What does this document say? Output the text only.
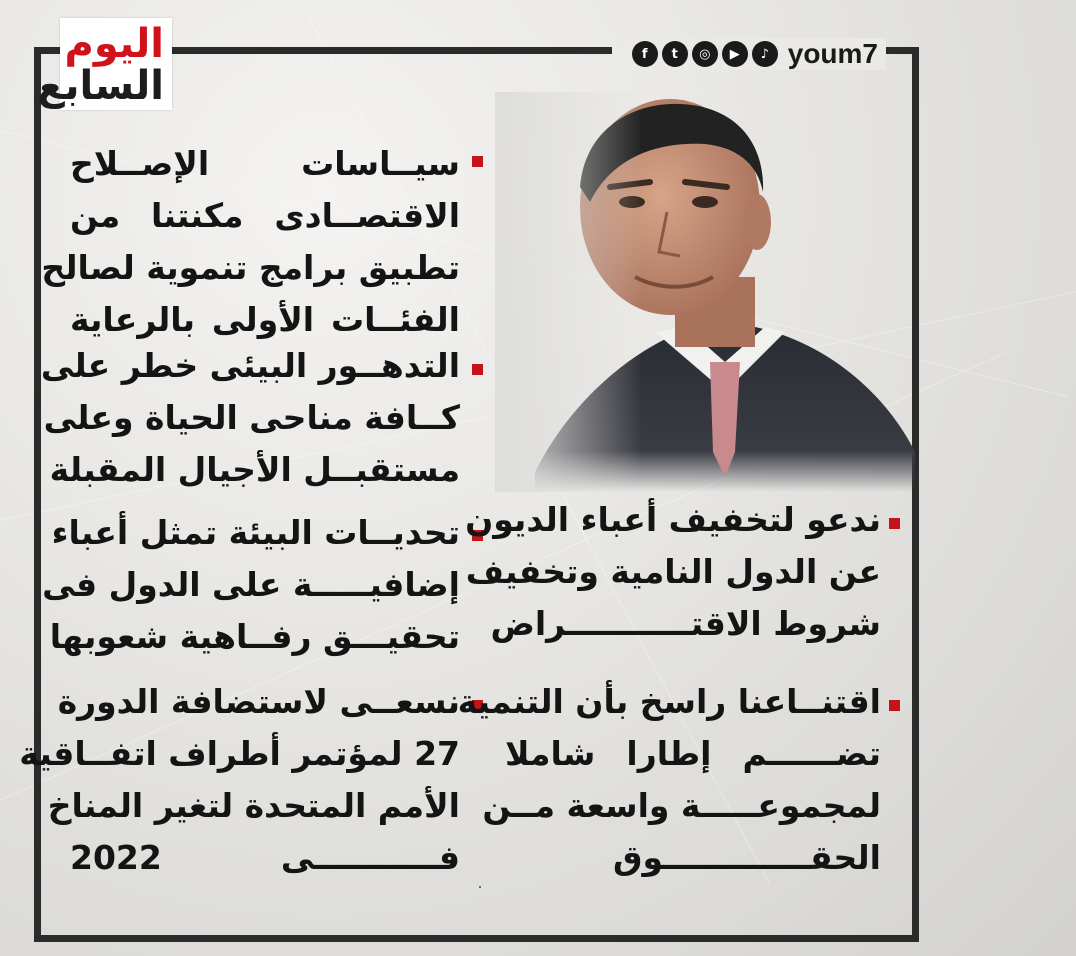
اليوم
السابع
f	t	◎	▶	♪ youm7
سيــاسات الإصــلاح
الاقتصــادى مكنتنا من
تطبيق برامج تنموية لصالح
الفئــات الأولى بالرعاية
التدهــور البيئى خطر على
كــافة مناحى الحياة وعلى
مستقبــل الأجيال المقبلة
تحديــات البيئة تمثل أعباء
إضافيـــــة على الدول فى
تحقيـــق رفــاهية شعوبها
نسعــى لاستضافة الدورة
27 لمؤتمر أطراف اتفــاقية
الأمم المتحدة لتغير المناخ
فـــــــــــى 2022
ندعو لتخفيف أعباء الديون
عن الدول النامية وتخفيف
شروط الاقتـــــــــــراض
اقتنــاعنا راسخ بأن التنمية
تضــــــم إطارا شاملا
لمجموعـــــة واسعة مــن
الحقـــــــــــــوق
